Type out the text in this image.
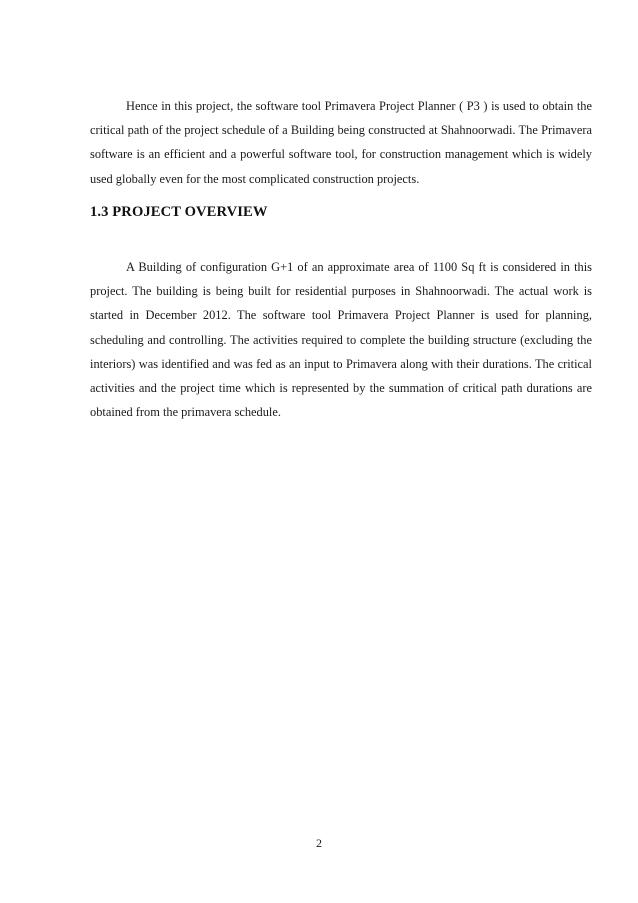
Hence in this project, the software tool Primavera Project Planner ( P3 ) is used to obtain the critical path of the project schedule of a Building being constructed at Shahnoorwadi. The Primavera software is an efficient and a powerful software tool, for construction management which is widely used globally even for the most complicated construction projects.

1.3 PROJECT OVERVIEW

A Building of configuration G+1 of an approximate area of 1100 Sq ft is considered in this project. The building is being built for residential purposes in Shahnoorwadi. The actual work is started in December 2012. The software tool Primavera Project Planner is used for planning, scheduling and controlling. The activities required to complete the building structure (excluding the interiors) was identified and was fed as an input to Primavera along with their durations. The critical activities and the project time which is represented by the summation of critical path durations are obtained from the primavera schedule.

2
